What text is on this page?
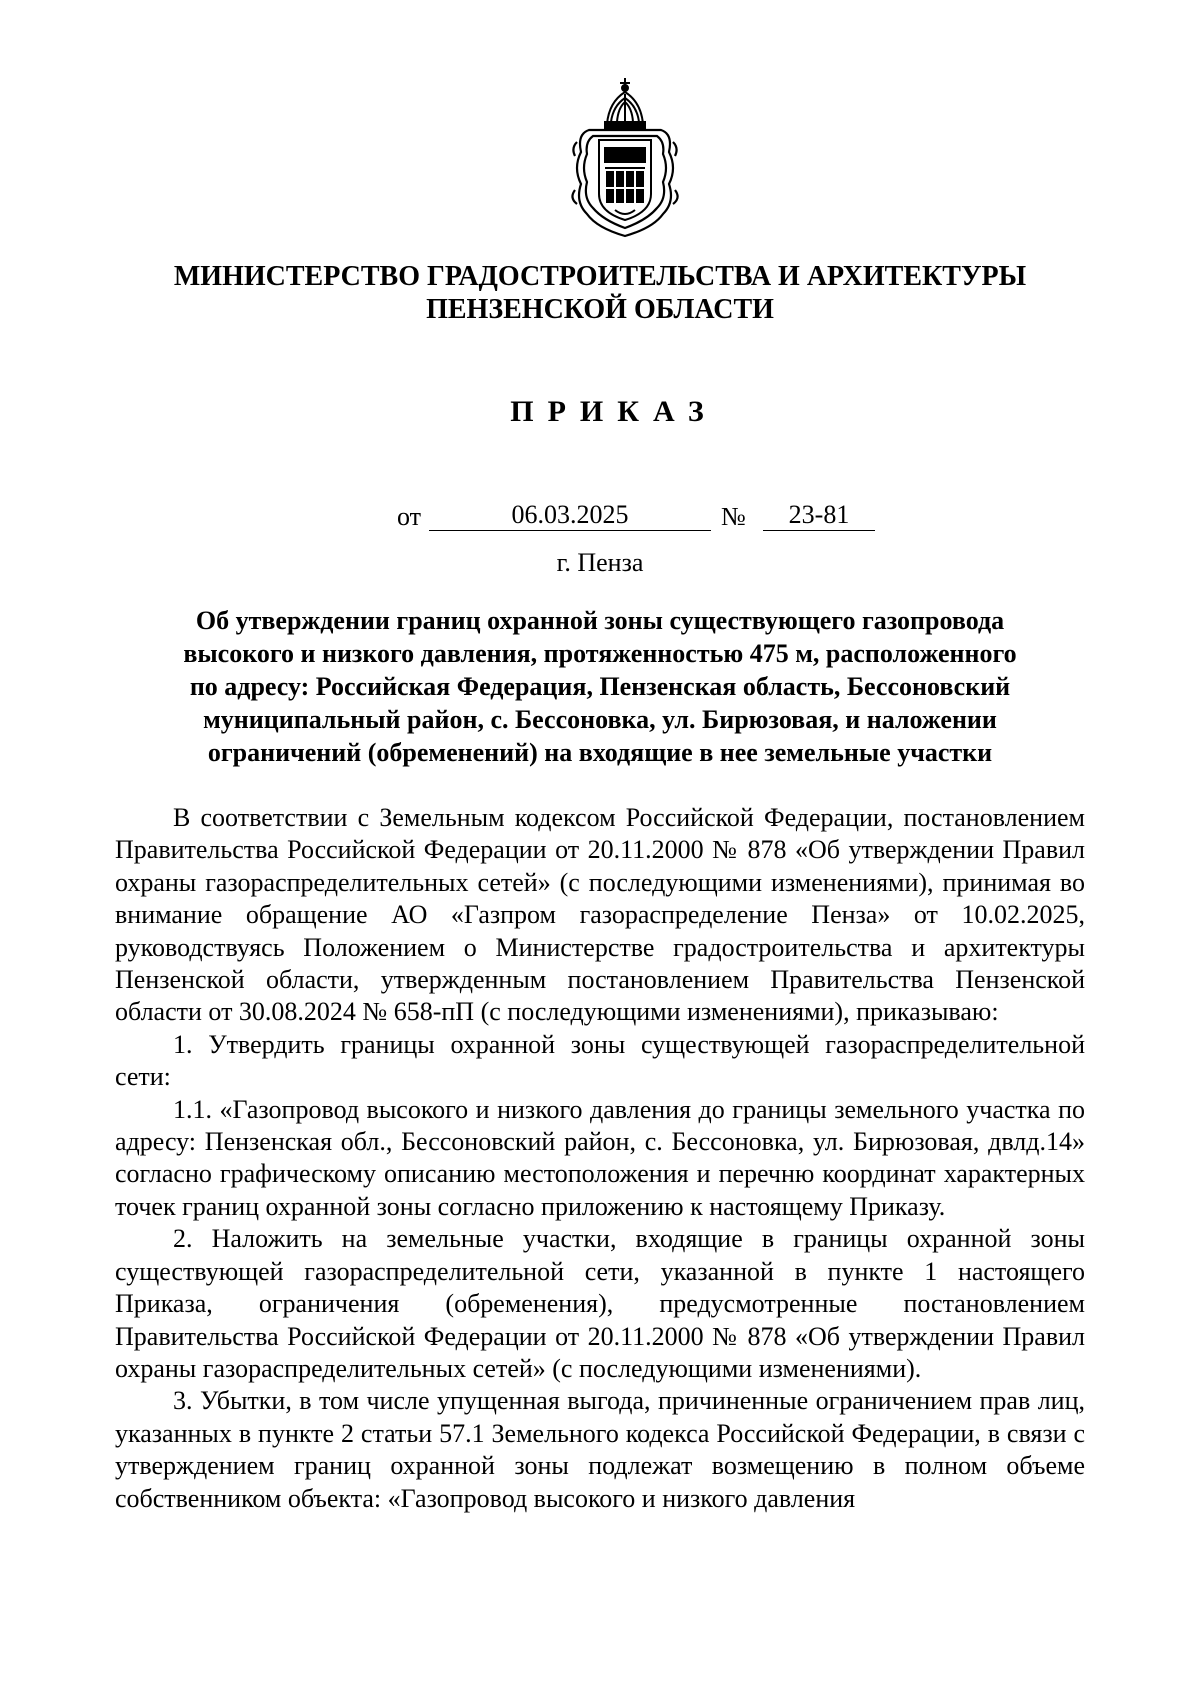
МИНИСТЕРСТВО ГРАДОСТРОИТЕЛЬСТВА И АРХИТЕКТУРЫ
ПЕНЗЕНСКОЙ ОБЛАСТИ
ПРИКАЗ
от	06.03.2025	№	23-81
г. Пенза
Об утверждении границ охранной зоны существующего газопровода
высокого и низкого давления, протяженностью 475 м, расположенного
по адресу: Российская Федерация, Пензенская область, Бессоновский
муниципальный район, с. Бессоновка, ул. Бирюзовая, и наложении
ограничений (обременений) на входящие в нее земельные участки

В соответствии с Земельным кодексом Российской Федерации, постановлением Правительства Российской Федерации от 20.11.2000 № 878 «Об утверждении Правил охраны газораспределительных сетей» (с последующими изменениями), принимая во внимание обращение АО «Газпром газораспределение Пенза» от 10.02.2025, руководствуясь Положением о Министерстве градостроительства и архитектуры Пензенской области, утвержденным постановлением Правительства Пензенской области от 30.08.2024 № 658-пП (с последующими изменениями), приказываю:

1. Утвердить границы охранной зоны существующей газораспределительной сети:

1.1. «Газопровод высокого и низкого давления до границы земельного участка по адресу: Пензенская обл., Бессоновский район, с. Бессоновка, ул. Бирюзовая, двлд.14» согласно графическому описанию местоположения и перечню координат характерных точек границ охранной зоны согласно приложению к настоящему Приказу.

2. Наложить на земельные участки, входящие в границы охранной зоны существующей газораспределительной сети, указанной в пункте 1 настоящего Приказа, ограничения (обременения), предусмотренные постановлением Правительства Российской Федерации от 20.11.2000 № 878 «Об утверждении Правил охраны газораспределительных сетей» (с последующими изменениями).

3. Убытки, в том числе упущенная выгода, причиненные ограничением прав лиц, указанных в пункте 2 статьи 57.1 Земельного кодекса Российской Федерации, в связи с утверждением границ охранной зоны подлежат возмещению в полном объеме собственником объекта: «Газопровод высокого и низкого давления
